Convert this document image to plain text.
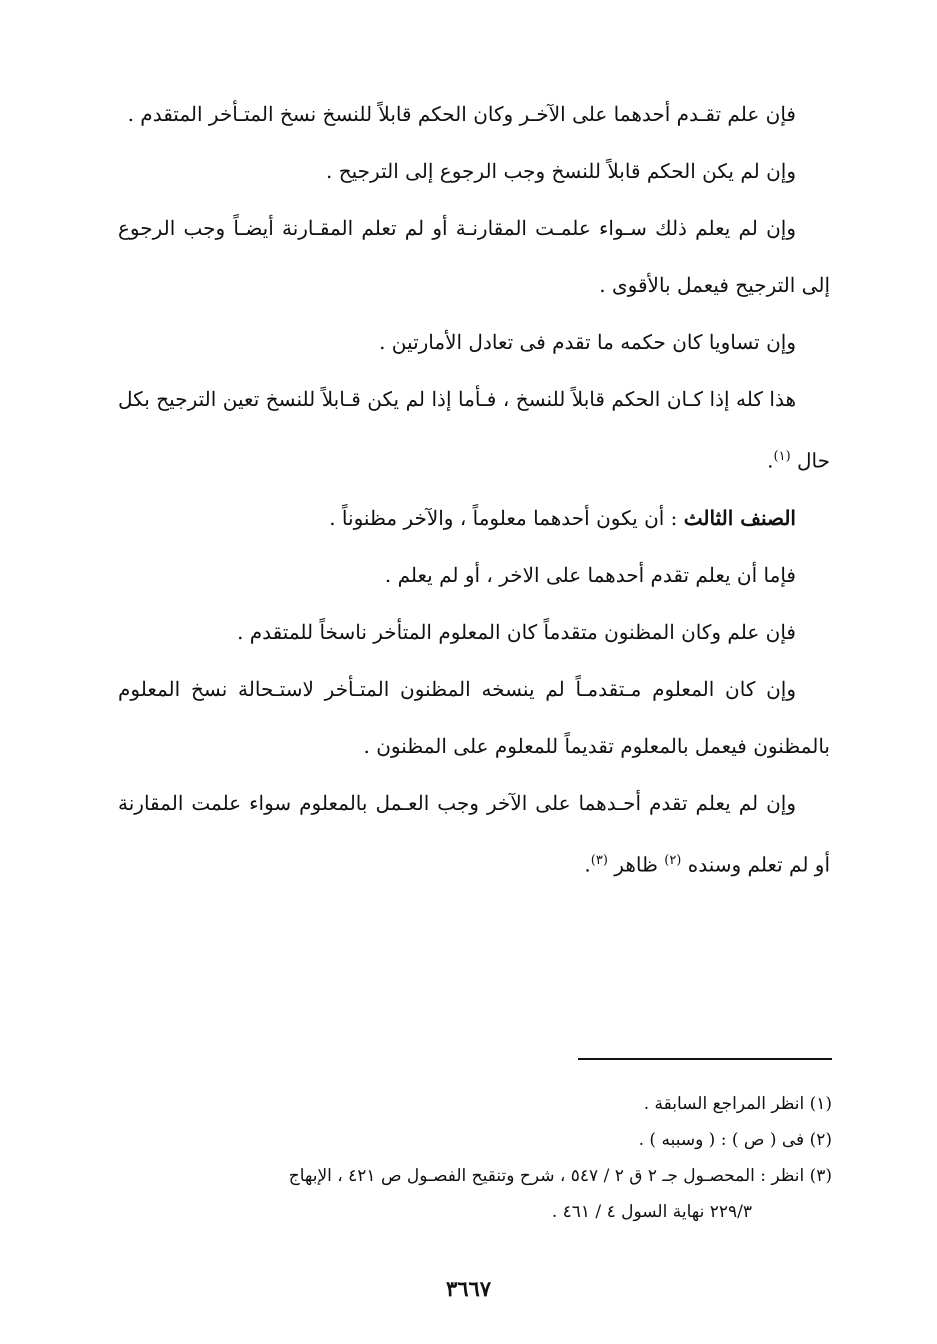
فإن علم تقـدم أحدهما على الآخـر وكان الحكم قابلاً للنسخ نسخ المتـأخر المتقدم .

وإن لم يكن الحكم قابلاً للنسخ وجب الرجوع إلى الترجيح .

وإن لم يعلم ذلك سـواء علمـت المقارنـة أو لم تعلم المقـارنة أيضـاً وجب الرجوع إلى الترجيح فيعمل بالأقوى .

وإن تساويا كان حكمه ما تقدم فى تعادل الأمارتين .

هذا كله إذا كـان الحكم قابلاً للنسخ ، فـأما إذا لم يكن قـابلاً للنسخ تعين الترجيح بكل حال $^{(١)}$.

الصنف الثالث : أن يكون أحدهما معلوماً ، والآخر مظنوناً .

فإما أن يعلم تقدم أحدهما على الاخر ، أو لم يعلم .

فإن علم وكان المظنون متقدماً كان المعلوم المتأخر ناسخاً للمتقدم .

وإن كان المعلوم مـتقدمـاً لم ينسخه المظنون المتـأخر لاستـحالة نسخ المعلوم بالمظنون فيعمل بالمعلوم تقديماً للمعلوم على المظنون .

وإن لم يعلم تقدم أحـدهما على الآخر وجب العـمل بالمعلوم سواء علمت المقارنة أو لم تعلم وسنده $^{(٢)}$ ظاهر $^{(٣)}$.

(١) انظر المراجع السابقة .

(٢) فى ( ص ) : ( وسببه ) .

(٣) انظر : المحصـول جـ ٢ ق ٢ / ٥٤٧ ، شرح وتنقيح الفصـول ص ٤٢١ ، الإبهاج

٢٢٩/٣ نهاية السول ٤ / ٤٦١ .

٣٦٦٧
